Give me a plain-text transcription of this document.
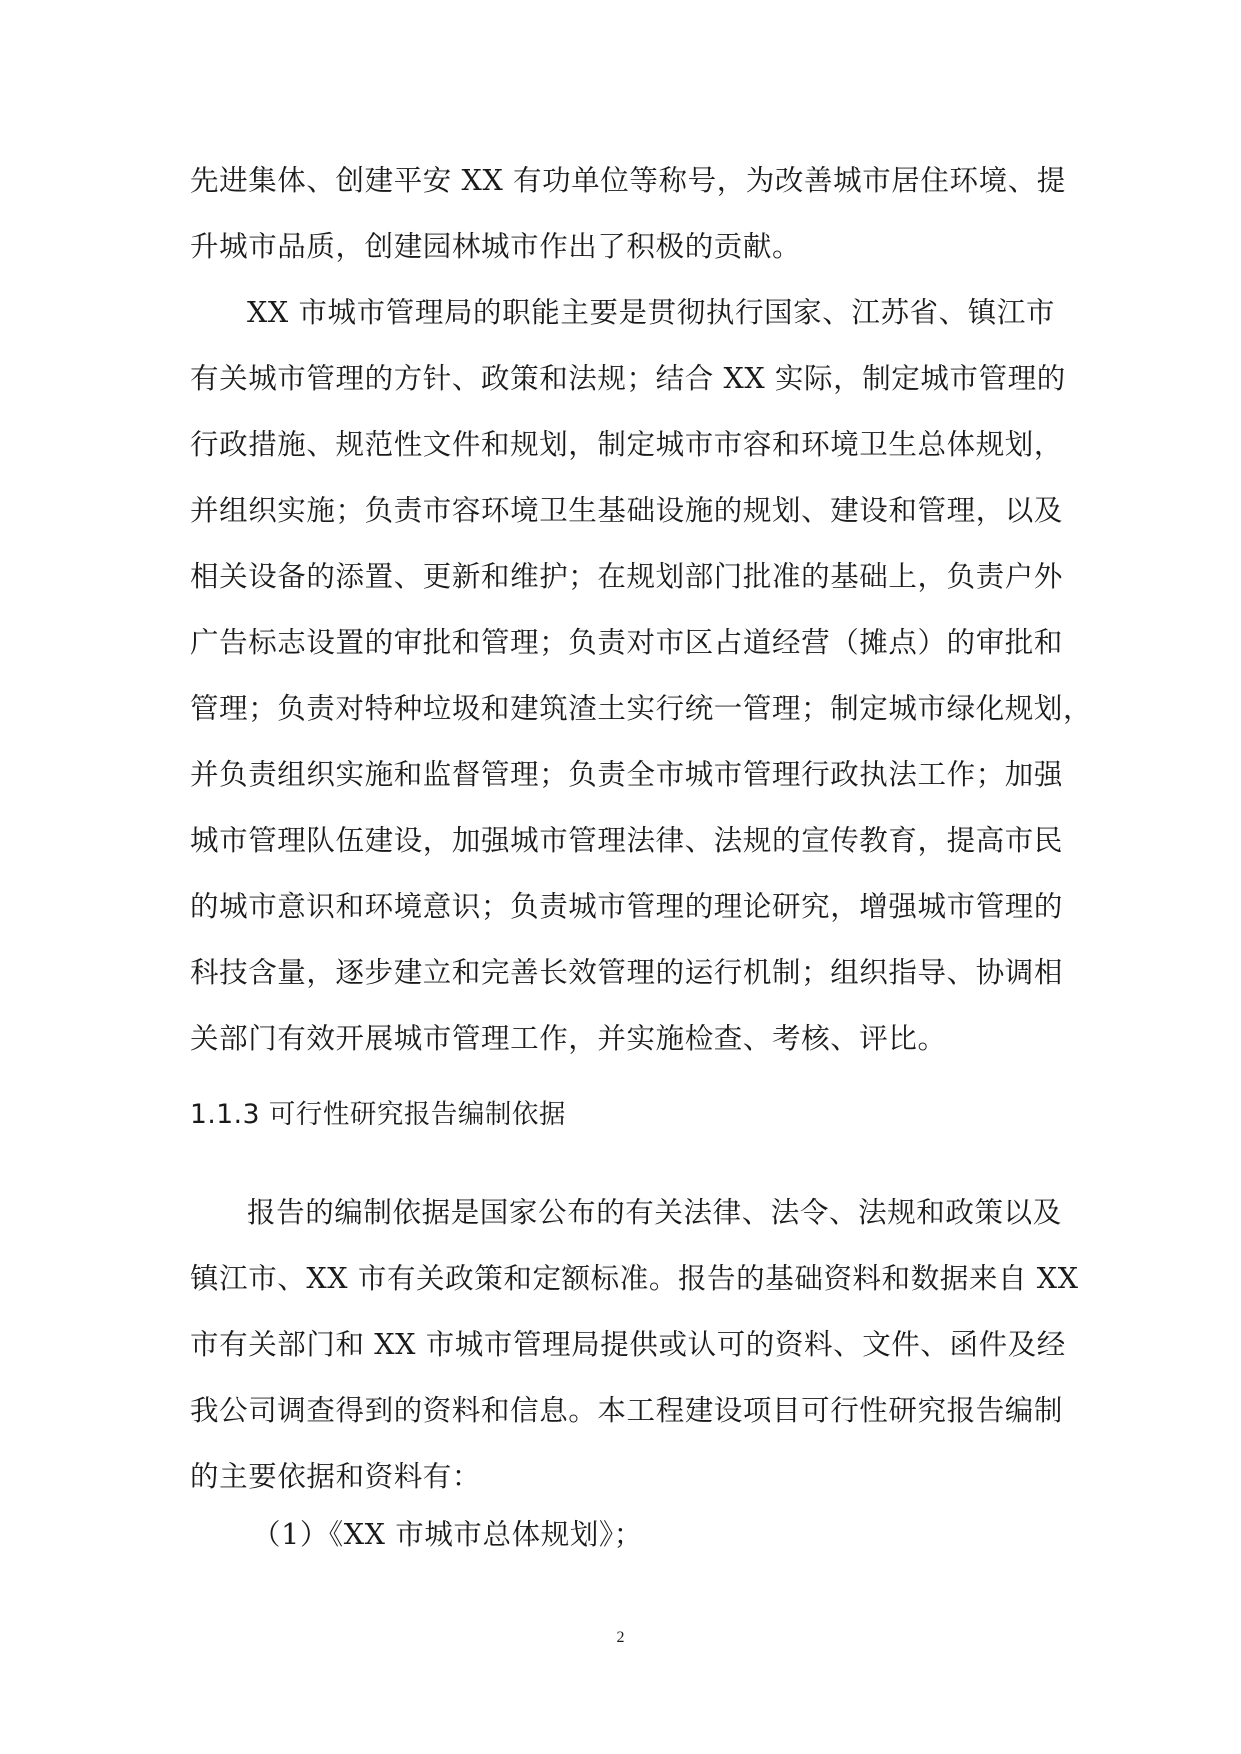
先进集体、创建平安 XX 有功单位等称号，为改善城市居住环境、提
升城市品质，创建园林城市作出了积极的贡献。

XX 市城市管理局的职能主要是贯彻执行国家、江苏省、镇江市
有关城市管理的方针、政策和法规；结合 XX 实际，制定城市管理的
行政措施、规范性文件和规划，制定城市市容和环境卫生总体规划，
并组织实施；负责市容环境卫生基础设施的规划、建设和管理，以及
相关设备的添置、更新和维护；在规划部门批准的基础上，负责户外
广告标志设置的审批和管理；负责对市区占道经营（摊点）的审批和
管理；负责对特种垃圾和建筑渣土实行统一管理；制定城市绿化规划，
并负责组织实施和监督管理；负责全市城市管理行政执法工作；加强
城市管理队伍建设，加强城市管理法律、法规的宣传教育，提高市民
的城市意识和环境意识；负责城市管理的理论研究，增强城市管理的
科技含量，逐步建立和完善长效管理的运行机制；组织指导、协调相
关部门有效开展城市管理工作，并实施检查、考核、评比。

1.1.3 可行性研究报告编制依据

报告的编制依据是国家公布的有关法律、法令、法规和政策以及
镇江市、XX 市有关政策和定额标准。报告的基础资料和数据来自 XX
市有关部门和 XX 市城市管理局提供或认可的资料、文件、函件及经
我公司调查得到的资料和信息。本工程建设项目可行性研究报告编制
的主要依据和资料有：

（1）《XX 市城市总体规划》；
2
